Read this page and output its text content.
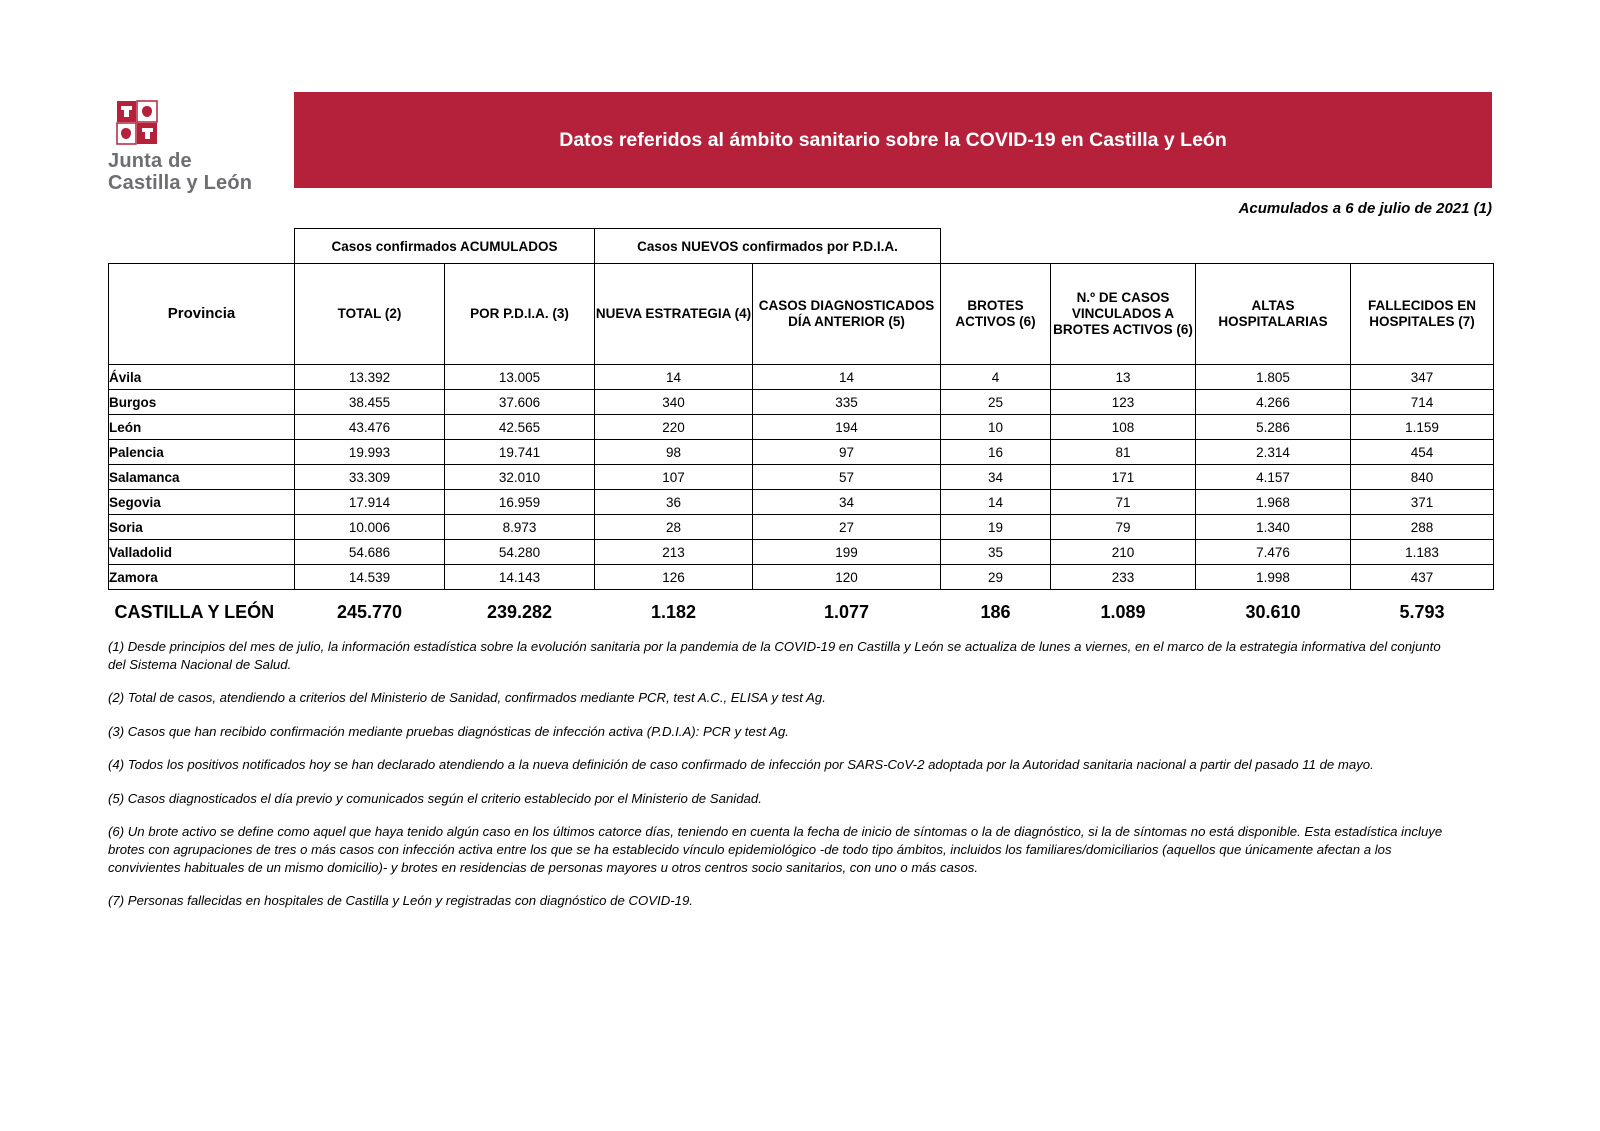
Junta de
Castilla y León
Datos referidos al ámbito sanitario sobre la COVID-19 en Castilla y León
Acumulados a 6 de julio de 2021 (1)
	Casos confirmados ACUMULADOS		Casos NUEVOS confirmados por P.D.I.A.					
Provincia	TOTAL (2)	POR P.D.I.A. (3)	NUEVA ESTRATEGIA (4)	CASOS DIAGNOSTICADOS DÍA ANTERIOR (5)	BROTES ACTIVOS (6)	N.º DE CASOS VINCULADOS A BROTES ACTIVOS (6)	ALTAS HOSPITALARIAS	FALLECIDOS EN HOSPITALES (7)
Ávila	13.392	13.005	14	14	4	13	1.805	347
Burgos	38.455	37.606	340	335	25	123	4.266	714
León	43.476	42.565	220	194	10	108	5.286	1.159
Palencia	19.993	19.741	98	97	16	81	2.314	454
Salamanca	33.309	32.010	107	57	34	171	4.157	840
Segovia	17.914	16.959	36	34	14	71	1.968	371
Soria	10.006	8.973	28	27	19	79	1.340	288
Valladolid	54.686	54.280	213	199	35	210	7.476	1.183
Zamora	14.539	14.143	126	120	29	233	1.998	437
CASTILLA Y LEÓN	245.770	239.282	1.182	1.077	186	1.089	30.610	5.793

(1) Desde principios del mes de julio, la información estadística sobre la evolución sanitaria por la pandemia de la COVID-19 en Castilla y León se actualiza de lunes a viernes, en el marco de la estrategia informativa del conjunto del Sistema Nacional de Salud.

(2) Total de casos, atendiendo a criterios del Ministerio de Sanidad, confirmados mediante PCR, test A.C., ELISA y test Ag.

(3) Casos que han recibido confirmación mediante pruebas diagnósticas de infección activa (P.D.I.A): PCR y test Ag.

(4) Todos los positivos notificados hoy se han declarado atendiendo a la nueva definición de caso confirmado de infección por SARS-CoV-2 adoptada por la Autoridad sanitaria nacional a partir del pasado 11 de mayo.

(5) Casos diagnosticados el día previo y comunicados según el criterio establecido por el Ministerio de Sanidad.

(6) Un brote activo se define como aquel que haya tenido algún caso en los últimos catorce días, teniendo en cuenta la fecha de inicio de síntomas o la de diagnóstico, si la de síntomas no está disponible. Esta estadística incluye brotes con agrupaciones de tres o más casos con infección activa entre los que se ha establecido vínculo epidemiológico -de todo tipo ámbitos, incluidos los familiares/domiciliarios (aquellos que únicamente afectan a los convivientes habituales de un mismo domicilio)- y brotes en residencias de personas mayores u otros centros socio sanitarios, con uno o más casos.

(7) Personas fallecidas en hospitales de Castilla y León y registradas con diagnóstico de COVID-19.
